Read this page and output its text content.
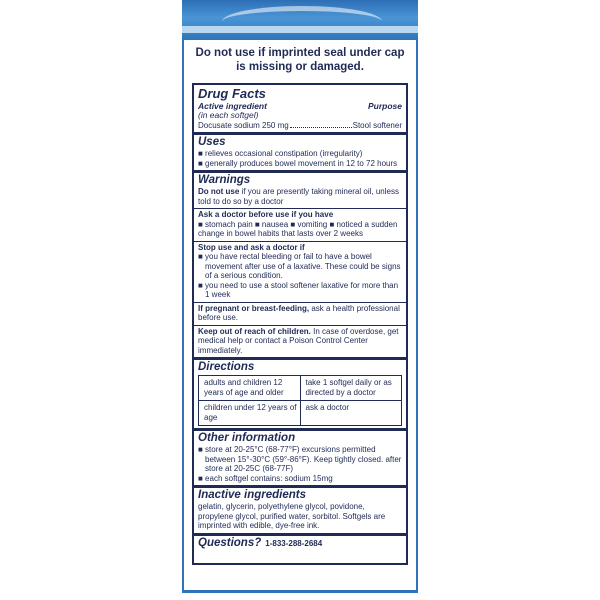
Do not use if imprinted seal under cap is missing or damaged.
Drug Facts
Active ingredient	Purpose
(in each softgel)
Docusate sodium 250 mg	Stool softener
Uses
■ relieves occasional constipation (irregularity)
■ generally produces bowel movement in 12 to 72 hours
Warnings
Do not use if you are presently taking mineral oil, unless told to do so by a doctor
Ask a doctor before use if you have
■ stomach pain ■ nausea ■ vomiting ■ noticed a sudden change in bowel habits that lasts over 2 weeks
Stop use and ask a doctor if
■ you have rectal bleeding or fail to have a bowel movement after use of a laxative. These could be signs of a serious condition.
■ you need to use a stool softener laxative for more than 1 week
If pregnant or breast-feeding, ask a health professional before use.
Keep out of reach of children. In case of overdose, get medical help or contact a Poison Control Center immediately.
Directions
adults and children 12 years of age and older	take 1 softgel daily or as directed by a doctor
children under 12 years of age	ask a doctor
Other information
■ store at 20-25°C (68-77°F) excursions permitted between 15°-30°C (59°-86°F). Keep tightly closed. after store at 20-25C (68-77F)
■ each softgel contains: sodium 15mg
Inactive ingredients
gelatin, glycerin, polyethylene glycol, povidone, propylene glycol, purified water, sorbitol. Softgels are imprinted with edible, dye-free ink.
Questions? 1-833-288-2684
